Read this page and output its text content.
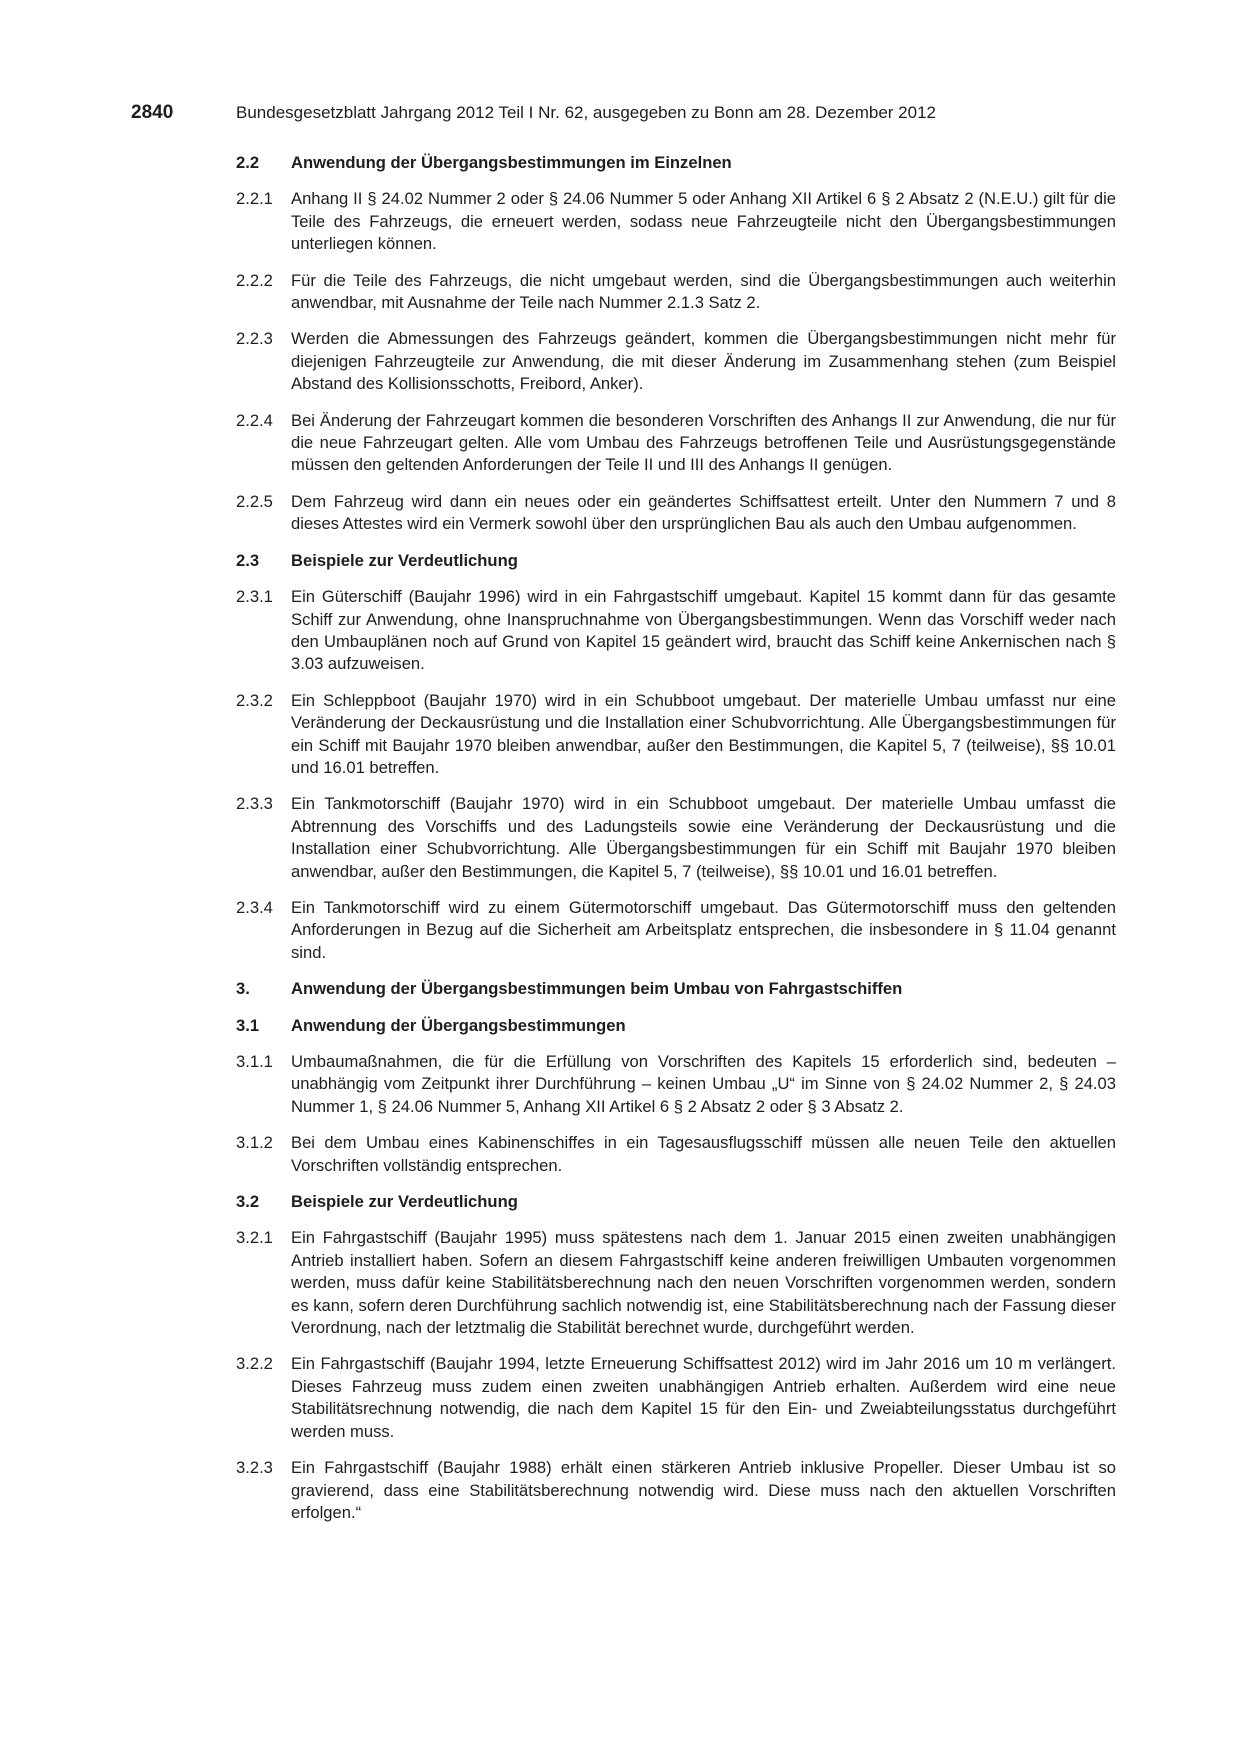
2840	Bundesgesetzblatt Jahrgang 2012 Teil I Nr. 62, ausgegeben zu Bonn am 28. Dezember 2012
2.2 Anwendung der Übergangsbestimmungen im Einzelnen
2.2.1 Anhang II § 24.02 Nummer 2 oder § 24.06 Nummer 5 oder Anhang XII Artikel 6 § 2 Absatz 2 (N.E.U.) gilt für die Teile des Fahrzeugs, die erneuert werden, sodass neue Fahrzeugteile nicht den Übergangsbestimmungen unterliegen können.
2.2.2 Für die Teile des Fahrzeugs, die nicht umgebaut werden, sind die Übergangsbestimmungen auch weiterhin anwendbar, mit Ausnahme der Teile nach Nummer 2.1.3 Satz 2.
2.2.3 Werden die Abmessungen des Fahrzeugs geändert, kommen die Übergangsbestimmungen nicht mehr für diejenigen Fahrzeugteile zur Anwendung, die mit dieser Änderung im Zusammenhang stehen (zum Beispiel Abstand des Kollisionsschotts, Freibord, Anker).
2.2.4 Bei Änderung der Fahrzeugart kommen die besonderen Vorschriften des Anhangs II zur Anwendung, die nur für die neue Fahrzeugart gelten. Alle vom Umbau des Fahrzeugs betroffenen Teile und Ausrüstungsgegenstände müssen den geltenden Anforderungen der Teile II und III des Anhangs II genügen.
2.2.5 Dem Fahrzeug wird dann ein neues oder ein geändertes Schiffsattest erteilt. Unter den Nummern 7 und 8 dieses Attestes wird ein Vermerk sowohl über den ursprünglichen Bau als auch den Umbau aufgenommen.
2.3 Beispiele zur Verdeutlichung
2.3.1 Ein Güterschiff (Baujahr 1996) wird in ein Fahrgastschiff umgebaut. Kapitel 15 kommt dann für das gesamte Schiff zur Anwendung, ohne Inanspruchnahme von Übergangsbestimmungen. Wenn das Vorschiff weder nach den Umbauplänen noch auf Grund von Kapitel 15 geändert wird, braucht das Schiff keine Ankernischen nach § 3.03 aufzuweisen.
2.3.2 Ein Schleppboot (Baujahr 1970) wird in ein Schubboot umgebaut. Der materielle Umbau umfasst nur eine Veränderung der Deckausrüstung und die Installation einer Schubvorrichtung. Alle Übergangsbestimmungen für ein Schiff mit Baujahr 1970 bleiben anwendbar, außer den Bestimmungen, die Kapitel 5, 7 (teilweise), §§ 10.01 und 16.01 betreffen.
2.3.3 Ein Tankmotorschiff (Baujahr 1970) wird in ein Schubboot umgebaut. Der materielle Umbau umfasst die Abtrennung des Vorschiffs und des Ladungsteils sowie eine Veränderung der Deckausrüstung und die Installation einer Schubvorrichtung. Alle Übergangsbestimmungen für ein Schiff mit Baujahr 1970 bleiben anwendbar, außer den Bestimmungen, die Kapitel 5, 7 (teilweise), §§ 10.01 und 16.01 betreffen.
2.3.4 Ein Tankmotorschiff wird zu einem Gütermotorschiff umgebaut. Das Gütermotorschiff muss den geltenden Anforderungen in Bezug auf die Sicherheit am Arbeitsplatz entsprechen, die insbesondere in § 11.04 genannt sind.
3. Anwendung der Übergangsbestimmungen beim Umbau von Fahrgastschiffen
3.1 Anwendung der Übergangsbestimmungen
3.1.1 Umbaumaßnahmen, die für die Erfüllung von Vorschriften des Kapitels 15 erforderlich sind, bedeuten – unabhängig vom Zeitpunkt ihrer Durchführung – keinen Umbau „U“ im Sinne von § 24.02 Nummer 2, § 24.03 Nummer 1, § 24.06 Nummer 5, Anhang XII Artikel 6 § 2 Absatz 2 oder § 3 Absatz 2.
3.1.2 Bei dem Umbau eines Kabinenschiffes in ein Tagesausflugsschiff müssen alle neuen Teile den aktuellen Vorschriften vollständig entsprechen.
3.2 Beispiele zur Verdeutlichung
3.2.1 Ein Fahrgastschiff (Baujahr 1995) muss spätestens nach dem 1. Januar 2015 einen zweiten unabhängigen Antrieb installiert haben. Sofern an diesem Fahrgastschiff keine anderen freiwilligen Umbauten vorgenommen werden, muss dafür keine Stabilitätsberechnung nach den neuen Vorschriften vorgenommen werden, sondern es kann, sofern deren Durchführung sachlich notwendig ist, eine Stabilitätsberechnung nach der Fassung dieser Verordnung, nach der letztmalig die Stabilität berechnet wurde, durchgeführt werden.
3.2.2 Ein Fahrgastschiff (Baujahr 1994, letzte Erneuerung Schiffsattest 2012) wird im Jahr 2016 um 10 m verlängert. Dieses Fahrzeug muss zudem einen zweiten unabhängigen Antrieb erhalten. Außerdem wird eine neue Stabilitätsrechnung notwendig, die nach dem Kapitel 15 für den Ein- und Zweiabteilungsstatus durchgeführt werden muss.
3.2.3 Ein Fahrgastschiff (Baujahr 1988) erhält einen stärkeren Antrieb inklusive Propeller. Dieser Umbau ist so gravierend, dass eine Stabilitätsberechnung notwendig wird. Diese muss nach den aktuellen Vorschriften erfolgen.“
